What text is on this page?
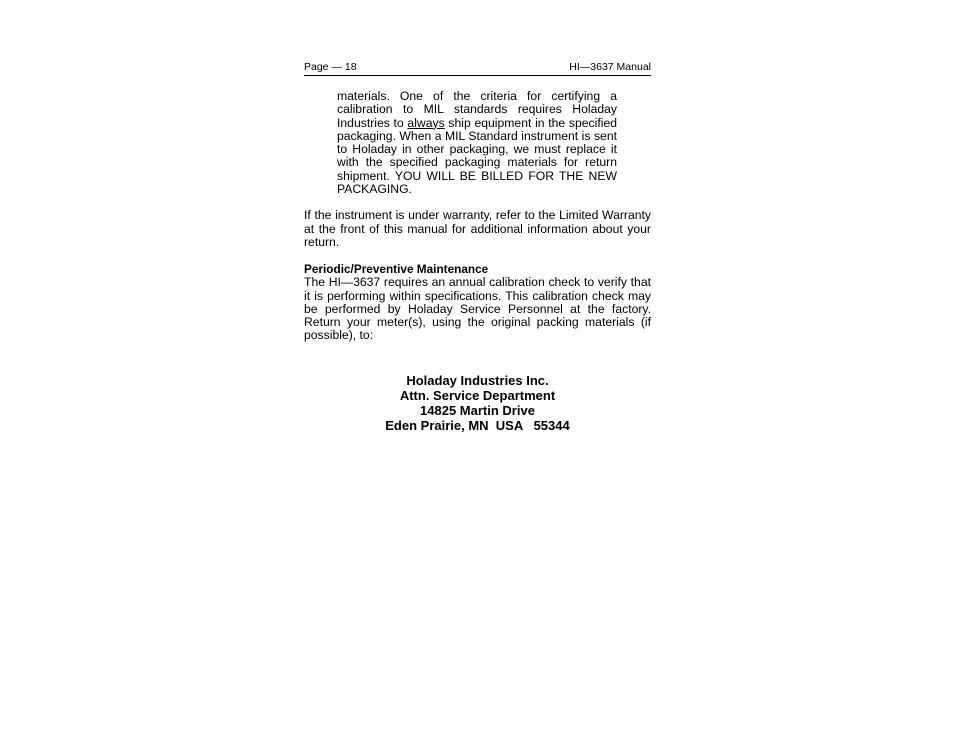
Page — 18	HI—3637 Manual

materials. One of the criteria for certifying a calibration to MIL standards requires Holaday Industries to always ship equipment in the specified packaging. When a MIL Standard instrument is sent to Holaday in other packaging, we must replace it with the specified packaging materials for return shipment. YOU WILL BE BILLED FOR THE NEW PACKAGING.

If the instrument is under warranty, refer to the Limited Warranty at the front of this manual for additional information about your return.

Periodic/Preventive Maintenance

The HI—3637 requires an annual calibration check to verify that it is performing within specifications. This calibration check may be performed by Holaday Service Personnel at the factory. Return your meter(s), using the original packing materials (if possible), to:

Holaday Industries Inc.
Attn. Service Department
14825 Martin Drive
Eden Prairie, MN  USA   55344
